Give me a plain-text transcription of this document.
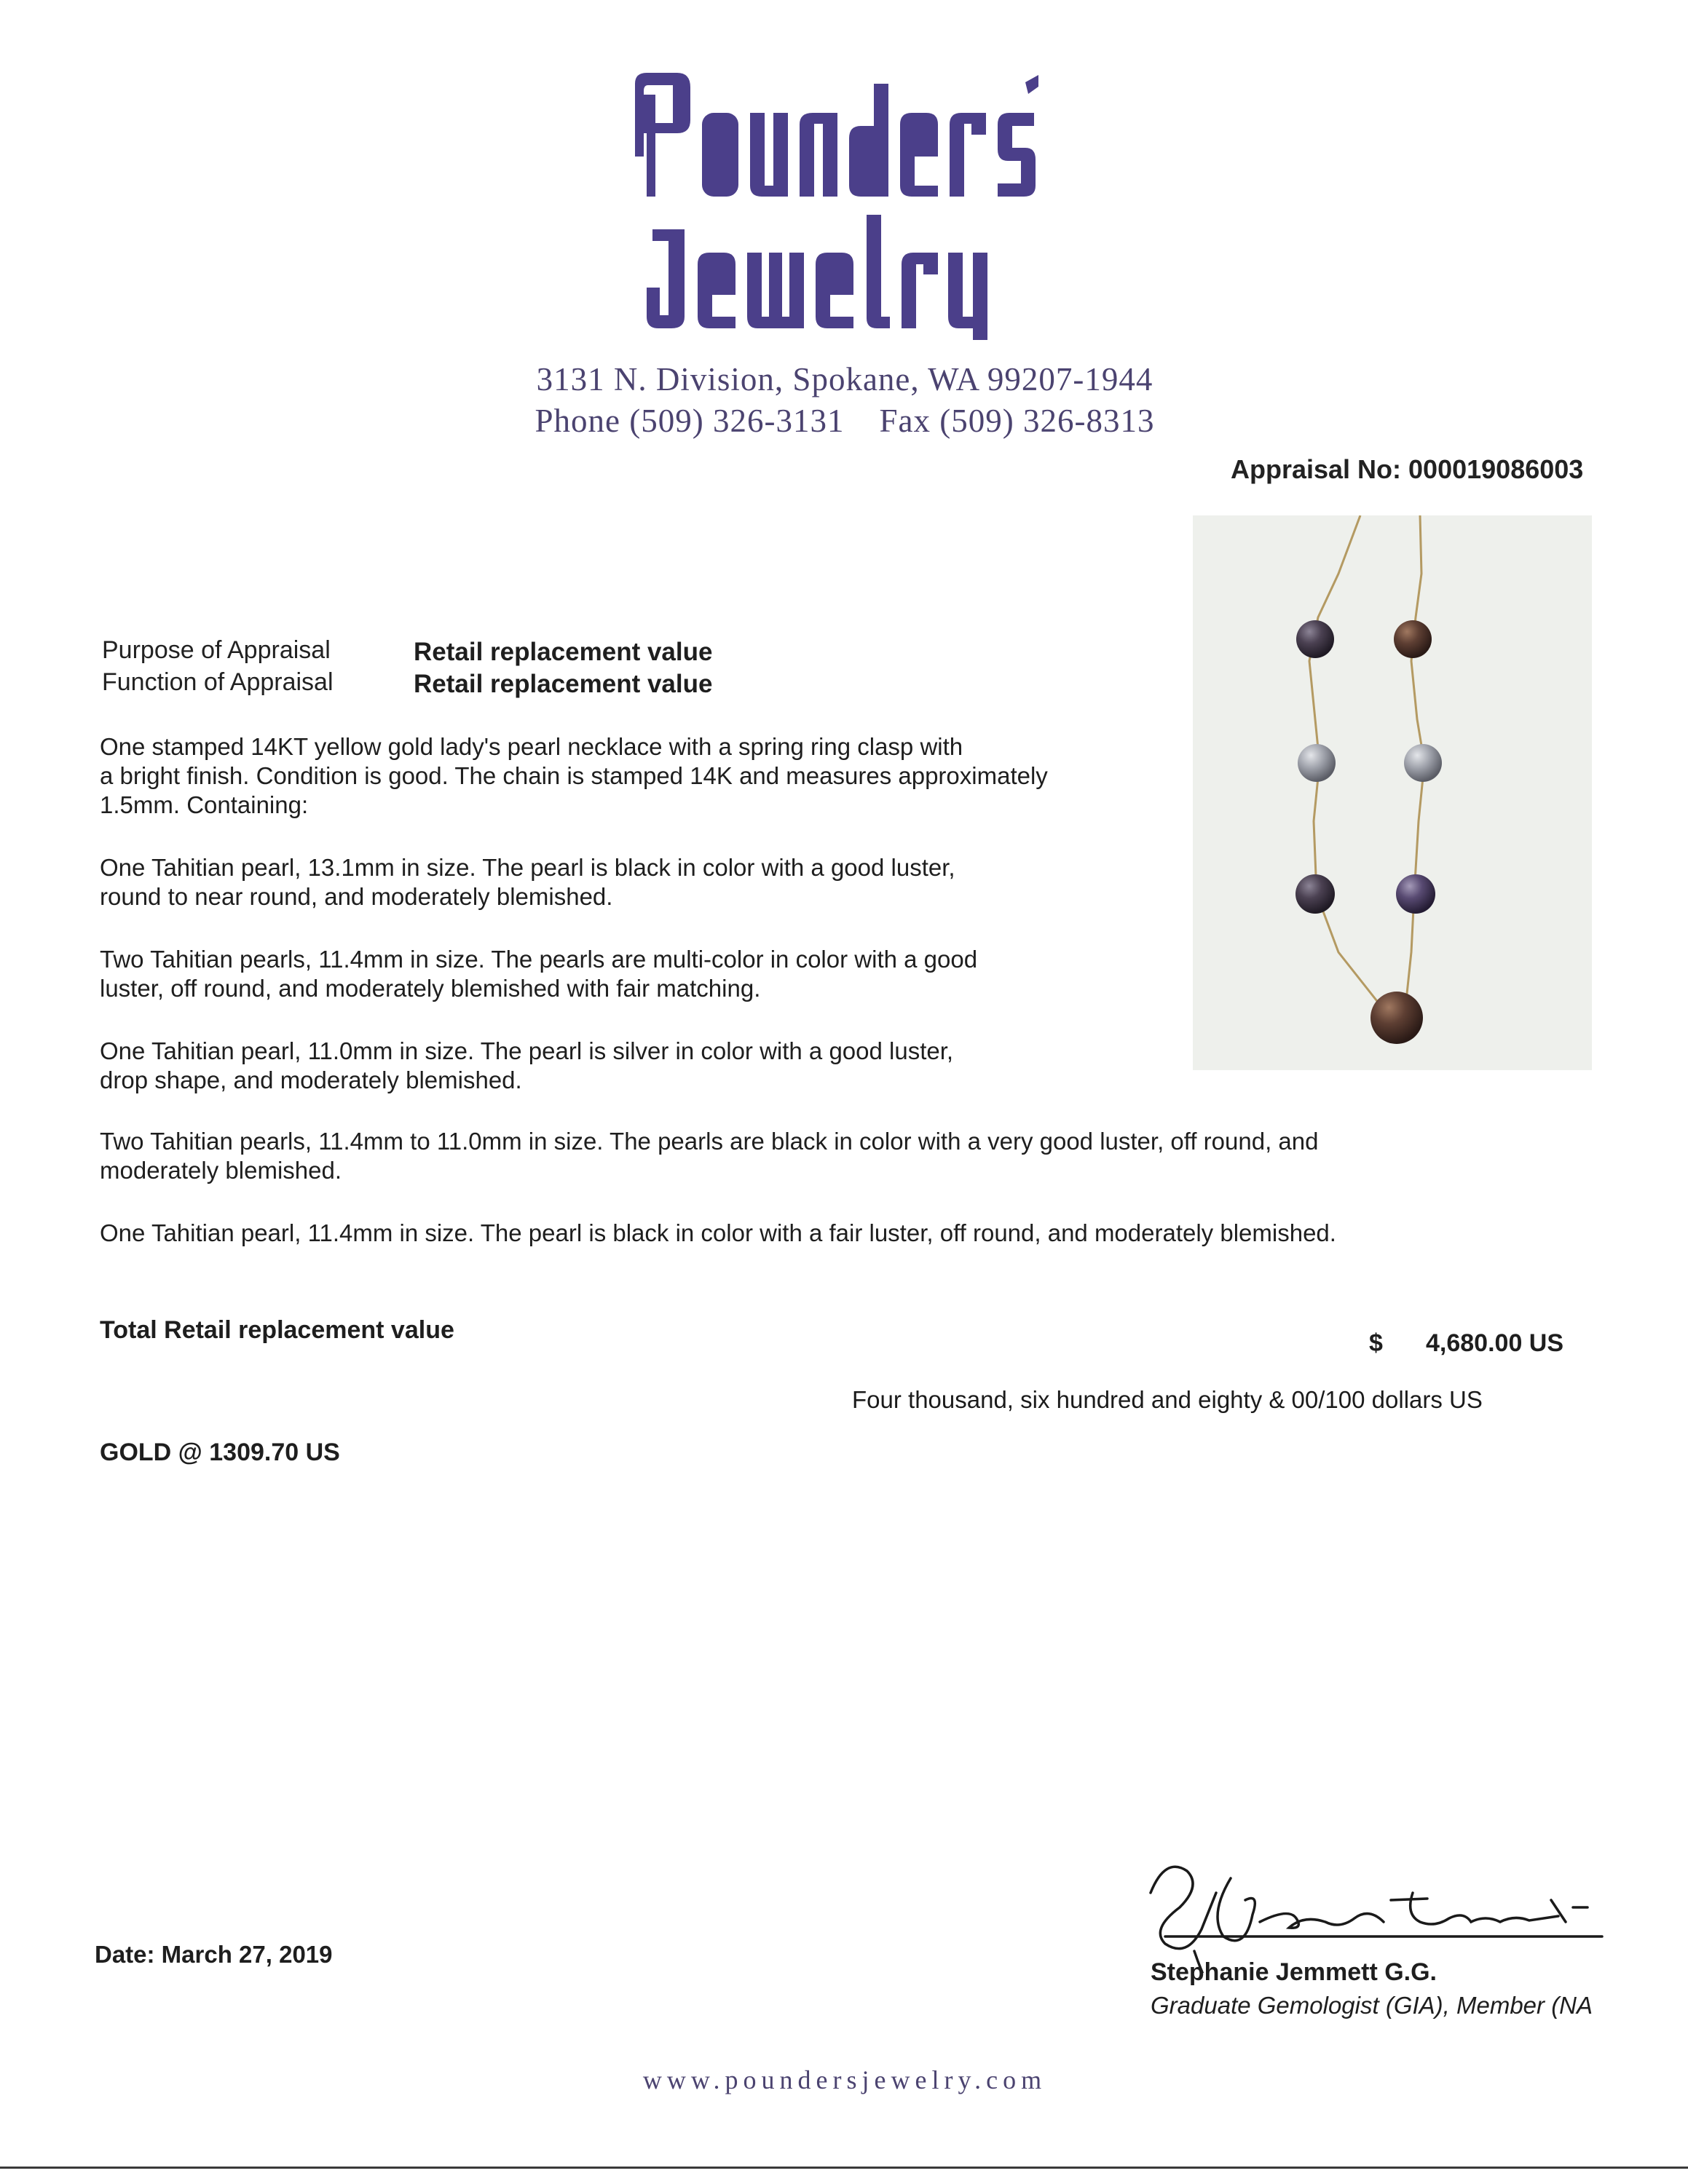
3131 N. Division, Spokane, WA 99207-1944
Phone (509) 326-3131 Fax (509) 326-8313
Appraisal No: 000019086003
Purpose of Appraisal	Retail replacement value
Function of Appraisal	Retail replacement value

One stamped 14KT yellow gold lady's pearl necklace with a spring ring clasp with

a bright finish. Condition is good. The chain is stamped 14K and measures approximately

1.5mm. Containing:

One Tahitian pearl, 13.1mm in size. The pearl is black in color with a good luster,

round to near round, and moderately blemished.

Two Tahitian pearls, 11.4mm in size. The pearls are multi-color in color with a good

luster, off round, and moderately blemished with fair matching.

One Tahitian pearl, 11.0mm in size. The pearl is silver in color with a good luster,

drop shape, and moderately blemished.

Two Tahitian pearls, 11.4mm to 11.0mm in size. The pearls are black in color with a very good luster, off round, and

moderately blemished.

One Tahitian pearl, 11.4mm in size. The pearl is black in color with a fair luster, off round, and moderately blemished.

Total Retail replacement value	$ 4,680.00 US
Four thousand, six hundred and eighty & 00/100 dollars US
GOLD @ 1309.70 US
Date: March 27, 2019
Stephanie Jemmett G.G.
Graduate Gemologist (GIA), Member (NA
www.poundersjewelry.com
